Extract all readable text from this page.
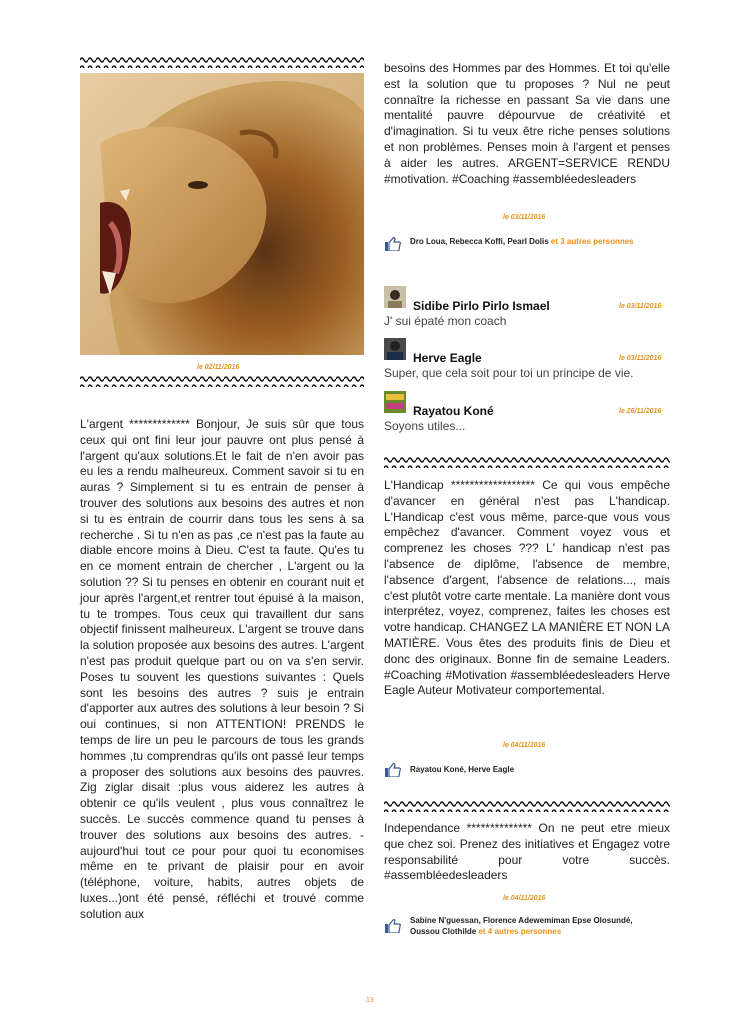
le 02/11/2016
L'argent ************* Bonjour, Je suis sûr que tous ceux qui ont fini leur jour pauvre ont plus pensé à l'argent qu'aux solutions.Et le fait de n'en avoir pas eu les a rendu malheureux. Comment savoir si tu en auras ? Simplement si tu es entrain de penser à trouver des solutions aux besoins des autres et non si tu es entrain de courrir dans tous les sens à sa recherche . Si tu n'en as pas ,ce n'est pas la faute au diable encore moins à Dieu. C'est ta faute. Qu'es tu en ce moment entrain de chercher , L'argent ou la solution ?? Si tu penses en obtenir en courant nuit et jour après l'argent,et rentrer tout épuisé à la maison, tu te trompes. Tous ceux qui travaillent dur sans objectif finissent malheureux. L'argent se trouve dans la solution proposée aux besoins des autres. L'argent n'est pas produit quelque part ou on va s'en servir. Poses tu souvent les questions suivantes : Quels sont les besoins des autres ? suis je entrain d'apporter aux autres des solutions à leur besoin ? Si oui continues, si non ATTENTION! PRENDS le temps de lire un peu le parcours de tous les grands hommes ,tu comprendras qu'ils ont passé leur temps a proposer des solutions aux besoins des pauvres. Zig ziglar disait :plus vous aiderez les autres à obtenir ce qu'ils veulent , plus vous connaîtrez le succès. Le succès commence quand tu penses à trouver des solutions aux besoins des autres. -aujourd'hui tout ce pour pour quoi tu economises même en te privant de plaisir pour en avoir (téléphone, voiture, habits, autres objets de luxes...)ont été pensé, réfléchi et trouvé comme solution aux
besoins des Hommes par des Hommes. Et toi qu'elle est la solution que tu proposes ? Nul ne peut connaître la richesse en passant Sa vie dans une mentalité pauvre dépourvue de créativité et d'imagination. Si tu veux être riche penses solutions et non problèmes. Penses moin à l'argent et penses à aider les autres. ARGENT=SERVICE RENDU #motivation. #Coaching #assembléedesleaders
le 03/11/2016
Dro Loua, Rebecca Koffi, Pearl Dolis et 3 autres personnes
Sidibe Pirlo Pirlo Ismael	le 03/11/2016
J' sui épaté mon coach
Herve Eagle	le 03/11/2016
Super, que cela soit pour toi un principe de vie.
Rayatou Koné	le 26/11/2016
Soyons utiles...
L'Handicap ****************** Ce qui vous empêche d'avancer en général n'est pas L'handicap. L'Handicap c'est vous même, parce-que vous vous empêchez d'avancer. Comment voyez vous et comprenez les choses ??? L' handicap n'est pas l'absence de diplôme, l'absence de membre, l'absence d'argent, l'absence de relations..., mais c'est plutôt votre carte mentale. La manière dont vous interprétez, voyez, comprenez, faites les choses est votre handicap. CHANGEZ LA MANIÈRE ET NON LA MATIÈRE. Vous êtes des produits finis de Dieu et donc des originaux. Bonne fin de semaine Leaders. #Coaching #Motivation #assembléedesleaders Herve Eagle Auteur Motivateur comportemental.
le 04/11/2016
Rayatou Koné, Herve Eagle
Independance ************** On ne peut etre mieux que chez soi. Prenez des initiatives et Engagez votre responsabilité pour votre succès. #assembléedesleaders
le 04/11/2016
Sabine N'guessan, Florence Adewemiman Epse Olosundé, Oussou Clothilde et 4 autres personnes
13
